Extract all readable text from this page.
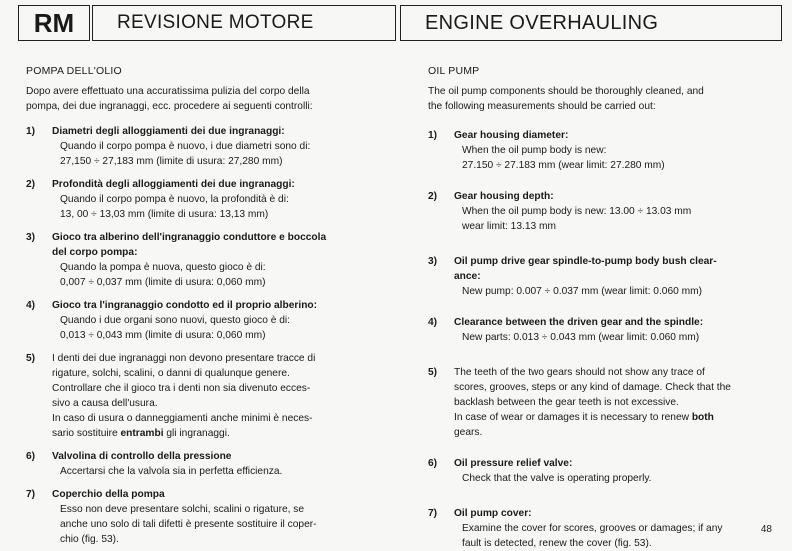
RM	REVISIONE MOTORE	ENGINE OVERHAULING
POMPA DELL'OLIO
Dopo avere effettuato una accuratissima pulizia del corpo della
pompa, dei due ingranaggi, ecc. procedere ai seguenti controlli:
1) Diametri degli alloggiamenti dei due ingranaggi:
Quando il corpo pompa è nuovo, i due diametri sono di:
27,150 ÷ 27,183 mm (limite di usura: 27,280 mm)
2) Profondità degli alloggiamenti dei due ingranaggi:
Quando il corpo pompa è nuovo, la profondità è di:
13, 00 ÷ 13,03 mm (limite di usura: 13,13 mm)
3) Gioco tra alberino dell'ingranaggio conduttore e boccola
del corpo pompa:
Quando la pompa è nuova, questo gioco è di:
0,007 ÷ 0,037 mm (limite di usura: 0,060 mm)
4) Gioco tra l'ingranaggio condotto ed il proprio alberino:
Quando i due organi sono nuovi, questo gioco è di:
0,013 ÷ 0,043 mm (limite di usura: 0,060 mm)
5) I denti dei due ingranaggi non devono presentare tracce di
rigature, solchi, scalini, o danni di qualunque genere.
Controllare che il gioco tra i denti non sia divenuto ecces-
sivo a causa dell'usura.
In caso di usura o danneggiamenti anche minimi è neces-
sario sostituire entrambi gli ingranaggi.
6) Valvolina di controllo della pressione
Accertarsi che la valvola sia in perfetta efficienza.
7) Coperchio della pompa
Esso non deve presentare solchi, scalini o rigature, se
anche uno solo di tali difetti è presente sostituire il coper-
chio (fig. 53).
OIL PUMP
The oil pump components should be thoroughly cleaned, and
the following measurements should be carried out:
1) Gear housing diameter:
When the oil pump body is new:
27.150 ÷ 27.183 mm (wear limit: 27.280 mm)
2) Gear housing depth:
When the oil pump body is new: 13.00 ÷ 13.03 mm
wear limit: 13.13 mm
3) Oil pump drive gear spindle-to-pump body bush clear-
ance:
New pump: 0.007 ÷ 0.037 mm (wear limit: 0.060 mm)
4) Clearance between the driven gear and the spindle:
New parts: 0.013 ÷ 0.043 mm (wear limit: 0.060 mm)
5) The teeth of the two gears should not show any trace of
scores, grooves, steps or any kind of damage. Check that the
backlash between the gear teeth is not excessive.
In case of wear or damages it is necessary to renew both
gears.
6) Oil pressure relief valve:
Check that the valve is operating properly.
7) Oil pump cover:
Examine the cover for scores, grooves or damages; if any
fault is detected, renew the cover (fig. 53).
48
